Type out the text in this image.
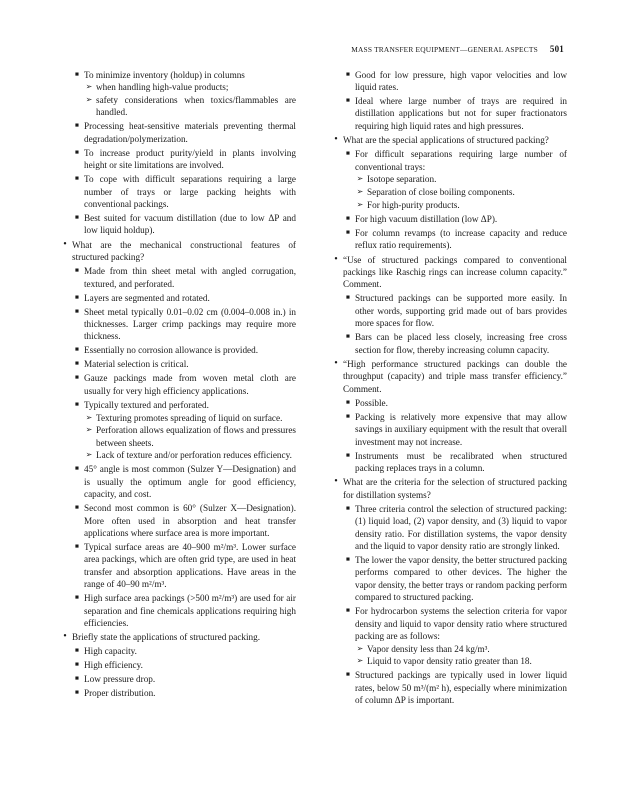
MASS TRANSFER EQUIPMENT—GENERAL ASPECTS 501
■ To minimize inventory (holdup) in columns
➢ when handling high-value products;
➢ safety considerations when toxics/flammables are handled.
■ Processing heat-sensitive materials preventing thermal degradation/polymerization.
■ To increase product purity/yield in plants involving height or site limitations are involved.
■ To cope with difficult separations requiring a large number of trays or large packing heights with conventional packings.
■ Best suited for vacuum distillation (due to low ΔP and low liquid holdup).
• What are the mechanical constructional features of structured packing?
■ Made from thin sheet metal with angled corrugation, textured, and perforated.
■ Layers are segmented and rotated.
■ Sheet metal typically 0.01–0.02 cm (0.004–0.008 in.) in thicknesses. Larger crimp packings may require more thickness.
■ Essentially no corrosion allowance is provided.
■ Material selection is critical.
■ Gauze packings made from woven metal cloth are usually for very high efficiency applications.
■ Typically textured and perforated.
➢ Texturing promotes spreading of liquid on surface.
➢ Perforation allows equalization of flows and pressures between sheets.
➢ Lack of texture and/or perforation reduces efficiency.
■ 45° angle is most common (Sulzer Y—Designation) and is usually the optimum angle for good efficiency, capacity, and cost.
■ Second most common is 60° (Sulzer X—Designation). More often used in absorption and heat transfer applications where surface area is more important.
■ Typical surface areas are 40–900 m²/m³. Lower surface area packings, which are often grid type, are used in heat transfer and absorption applications. Have areas in the range of 40–90 m²/m³.
■ High surface area packings (>500 m²/m³) are used for air separation and fine chemicals applications requiring high efficiencies.
• Briefly state the applications of structured packing.
■ High capacity.
■ High efficiency.
■ Low pressure drop.
■ Proper distribution.
■ Good for low pressure, high vapor velocities and low liquid rates.
■ Ideal where large number of trays are required in distillation applications but not for super fractionators requiring high liquid rates and high pressures.
• What are the special applications of structured packing?
■ For difficult separations requiring large number of conventional trays:
➢ Isotope separation.
➢ Separation of close boiling components.
➢ For high-purity products.
■ For high vacuum distillation (low ΔP).
■ For column revamps (to increase capacity and reduce reflux ratio requirements).
• “Use of structured packings compared to conventional packings like Raschig rings can increase column capacity.” Comment.
■ Structured packings can be supported more easily. In other words, supporting grid made out of bars provides more spaces for flow.
■ Bars can be placed less closely, increasing free cross section for flow, thereby increasing column capacity.
• “High performance structured packings can double the throughput (capacity) and triple mass transfer efficiency.” Comment.
■ Possible.
■ Packing is relatively more expensive that may allow savings in auxiliary equipment with the result that overall investment may not increase.
■ Instruments must be recalibrated when structured packing replaces trays in a column.
• What are the criteria for the selection of structured packing for distillation systems?
■ Three criteria control the selection of structured packing: (1) liquid load, (2) vapor density, and (3) liquid to vapor density ratio. For distillation systems, the vapor density and the liquid to vapor density ratio are strongly linked.
■ The lower the vapor density, the better structured packing performs compared to other devices. The higher the vapor density, the better trays or random packing perform compared to structured packing.
■ For hydrocarbon systems the selection criteria for vapor density and liquid to vapor density ratio where structured packing are as follows:
➢ Vapor density less than 24 kg/m³.
➢ Liquid to vapor density ratio greater than 18.
■ Structured packings are typically used in lower liquid rates, below 50 m³/(m² h), especially where minimization of column ΔP is important.
